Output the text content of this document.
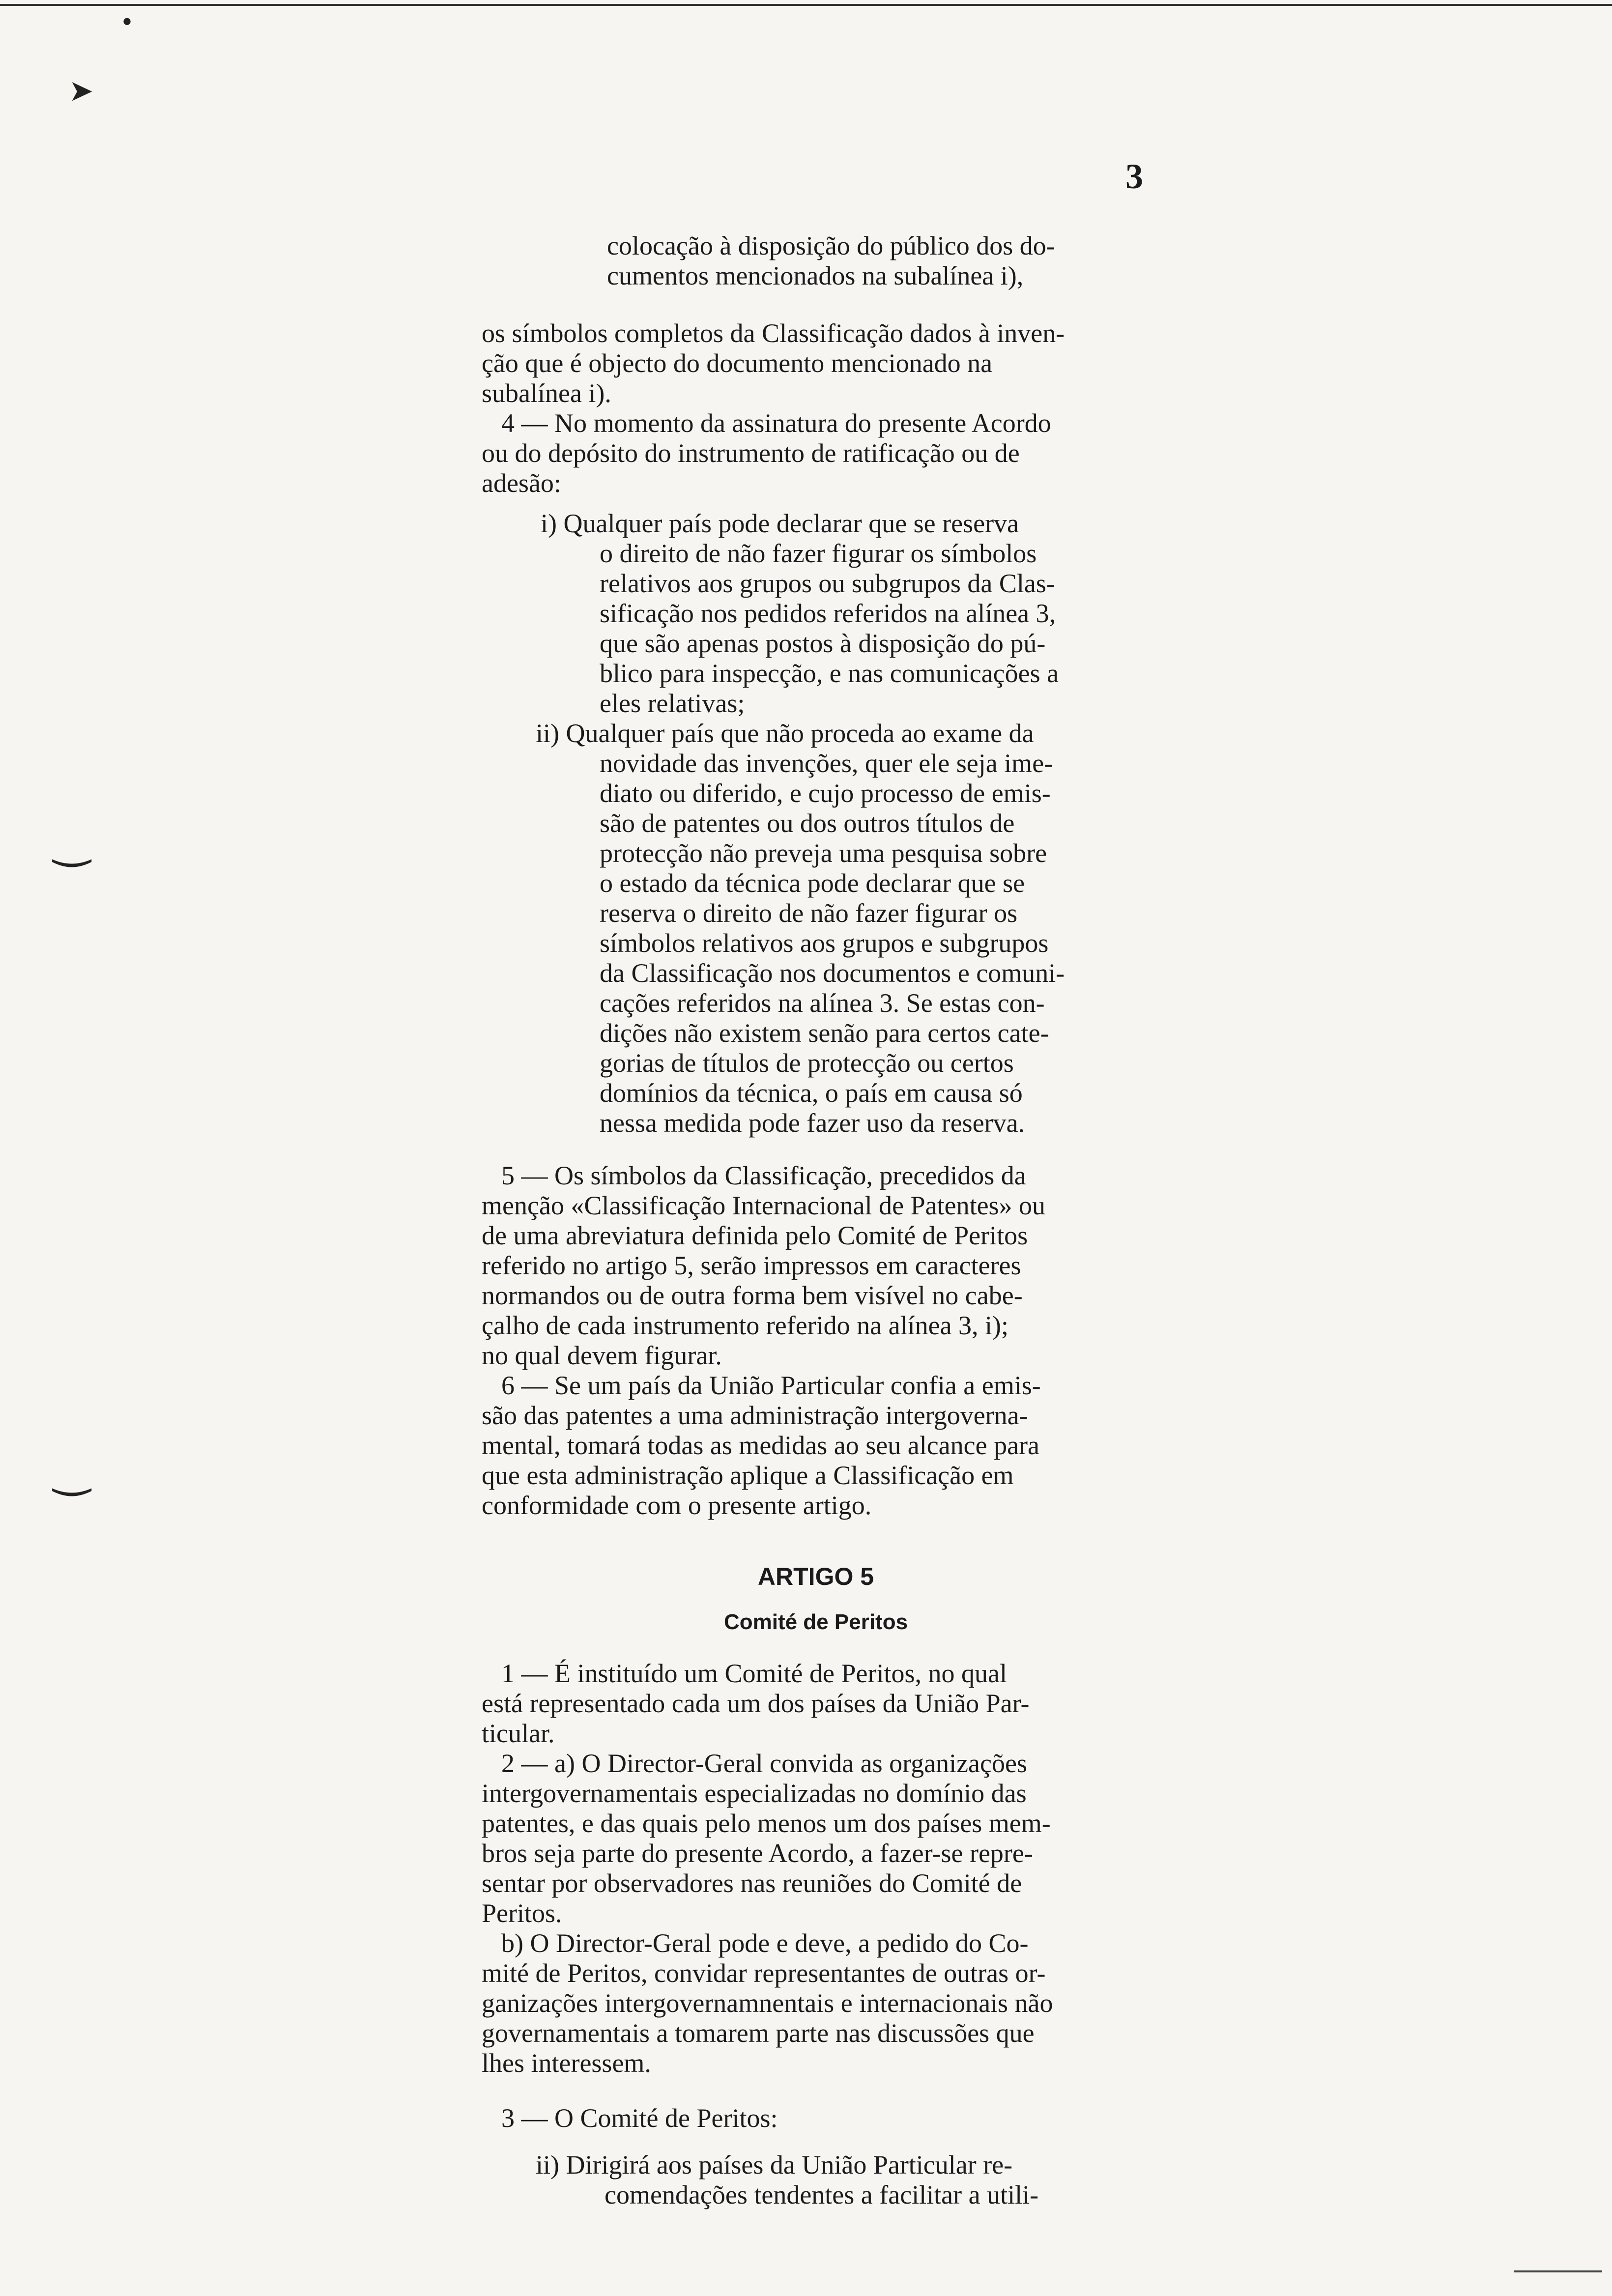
•
➤
‿
‿
3
colocação à disposição do público dos do-
cumentos mencionados na subalínea i),
os símbolos completos da Classificação dados à inven-
ção que é objecto do documento mencionado na
subalínea i).
4 — No momento da assinatura do presente Acordo
ou do depósito do instrumento de ratificação ou de
adesão:
i) Qualquer país pode declarar que se reserva
o direito de não fazer figurar os símbolos
relativos aos grupos ou subgrupos da Clas-
sificação nos pedidos referidos na alínea 3,
que são apenas postos à disposição do pú-
blico para inspecção, e nas comunicações a
eles relativas;
ii) Qualquer país que não proceda ao exame da
novidade das invenções, quer ele seja ime-
diato ou diferido, e cujo processo de emis-
são de patentes ou dos outros títulos de
protecção não preveja uma pesquisa sobre
o estado da técnica pode declarar que se
reserva o direito de não fazer figurar os
símbolos relativos aos grupos e subgrupos
da Classificação nos documentos e comuni-
cações referidos na alínea 3. Se estas con-
dições não existem senão para certos cate-
gorias de títulos de protecção ou certos
domínios da técnica, o país em causa só
nessa medida pode fazer uso da reserva.
5 — Os símbolos da Classificação, precedidos da
menção «Classificação Internacional de Patentes» ou
de uma abreviatura definida pelo Comité de Peritos
referido no artigo 5, serão impressos em caracteres
normandos ou de outra forma bem visível no cabe-
çalho de cada instrumento referido na alínea 3, i);
no qual devem figurar.
6 — Se um país da União Particular confia a emis-
são das patentes a uma administração intergoverna-
mental, tomará todas as medidas ao seu alcance para
que esta administração aplique a Classificação em
conformidade com o presente artigo.
ARTIGO 5
Comité de Peritos
1 — É instituído um Comité de Peritos, no qual
está representado cada um dos países da União Par-
ticular.
2 — a) O Director-Geral convida as organizações
intergovernamentais especializadas no domínio das
patentes, e das quais pelo menos um dos países mem-
bros seja parte do presente Acordo, a fazer-se repre-
sentar por observadores nas reuniões do Comité de
Peritos.
b) O Director-Geral pode e deve, a pedido do Co-
mité de Peritos, convidar representantes de outras or-
ganizações intergovernamnentais e internacionais não
governamentais a tomarem parte nas discussões que
lhes interessem.
3 — O Comité de Peritos:
ii) Dirigirá aos países da União Particular re-
comendações tendentes a facilitar a utili-
